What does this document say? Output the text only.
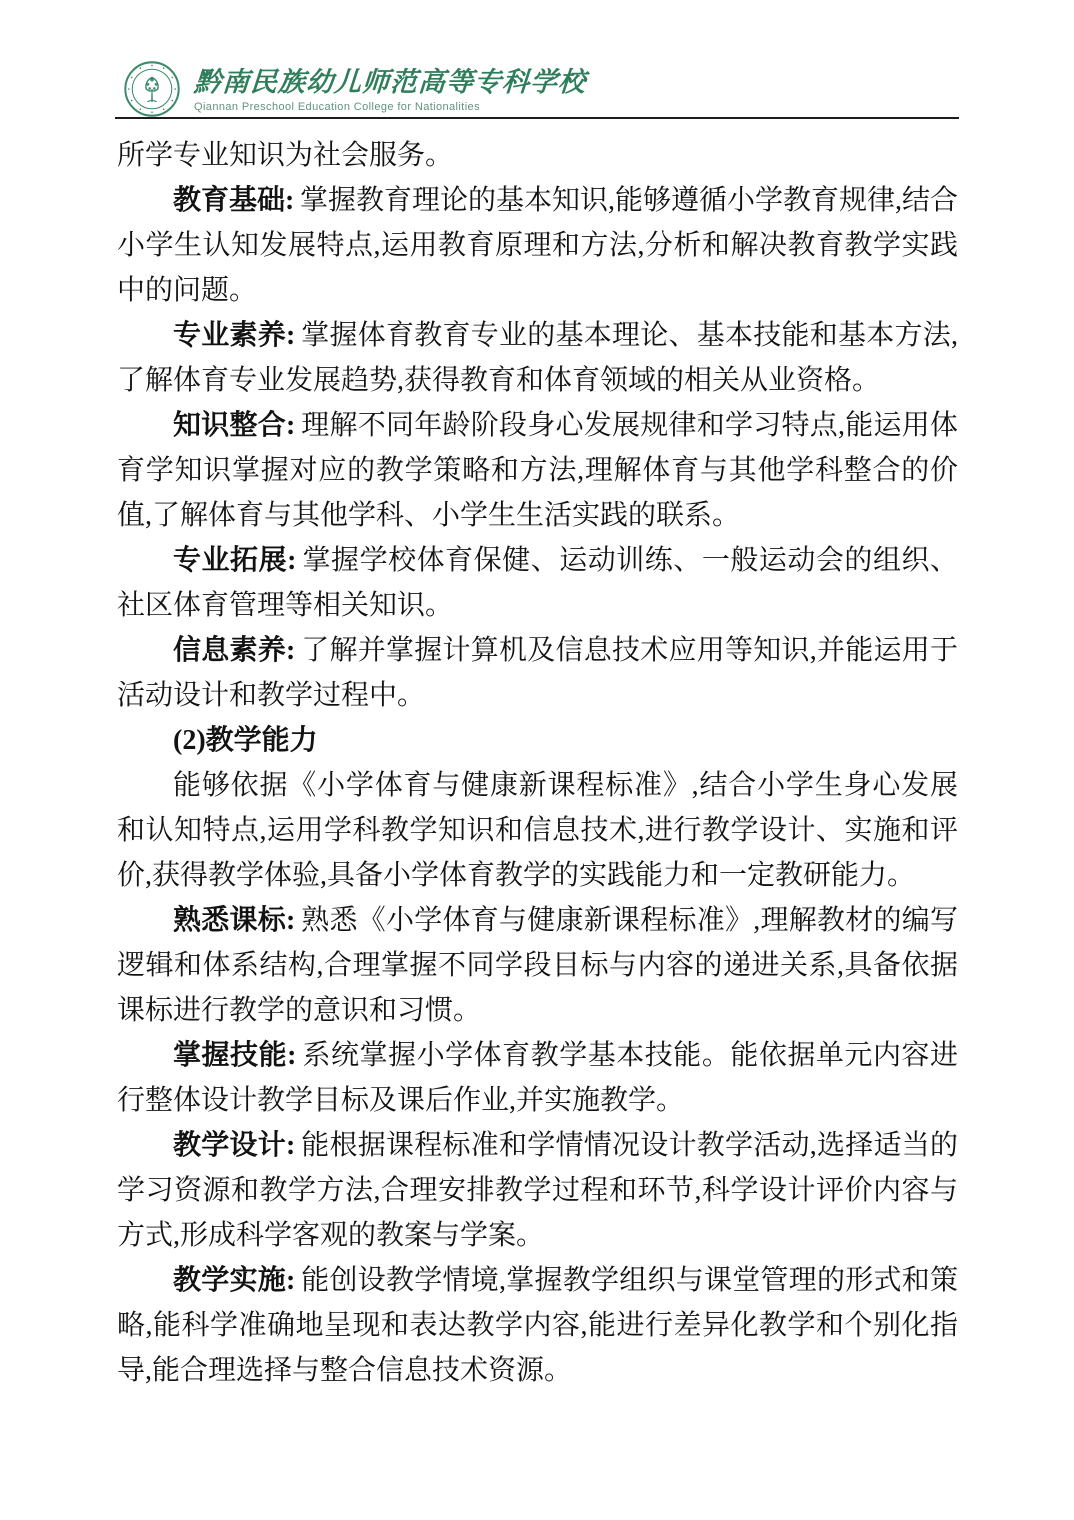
黔南民族幼儿师范高等专科学校
Qiannan Preschool Education College for Nationalities

所学专业知识为社会服务。

教育基础: 掌握教育理论的基本知识,能够遵循小学教育规律,结合小学生认知发展特点,运用教育原理和方法,分析和解决教育教学实践中的问题。

专业素养: 掌握体育教育专业的基本理论、基本技能和基本方法,了解体育专业发展趋势,获得教育和体育领域的相关从业资格。

知识整合: 理解不同年龄阶段身心发展规律和学习特点,能运用体育学知识掌握对应的教学策略和方法,理解体育与其他学科整合的价值,了解体育与其他学科、小学生生活实践的联系。

专业拓展: 掌握学校体育保健、运动训练、一般运动会的组织、社区体育管理等相关知识。

信息素养: 了解并掌握计算机及信息技术应用等知识,并能运用于活动设计和教学过程中。

(2)教学能力

能够依据《小学体育与健康新课程标准》,结合小学生身心发展和认知特点,运用学科教学知识和信息技术,进行教学设计、实施和评价,获得教学体验,具备小学体育教学的实践能力和一定教研能力。

熟悉课标: 熟悉《小学体育与健康新课程标准》,理解教材的编写逻辑和体系结构,合理掌握不同学段目标与内容的递进关系,具备依据课标进行教学的意识和习惯。

掌握技能: 系统掌握小学体育教学基本技能。能依据单元内容进行整体设计教学目标及课后作业,并实施教学。

教学设计: 能根据课程标准和学情情况设计教学活动,选择适当的学习资源和教学方法,合理安排教学过程和环节,科学设计评价内容与方式,形成科学客观的教案与学案。

教学实施: 能创设教学情境,掌握教学组织与课堂管理的形式和策略,能科学准确地呈现和表达教学内容,能进行差异化教学和个别化指导,能合理选择与整合信息技术资源。
